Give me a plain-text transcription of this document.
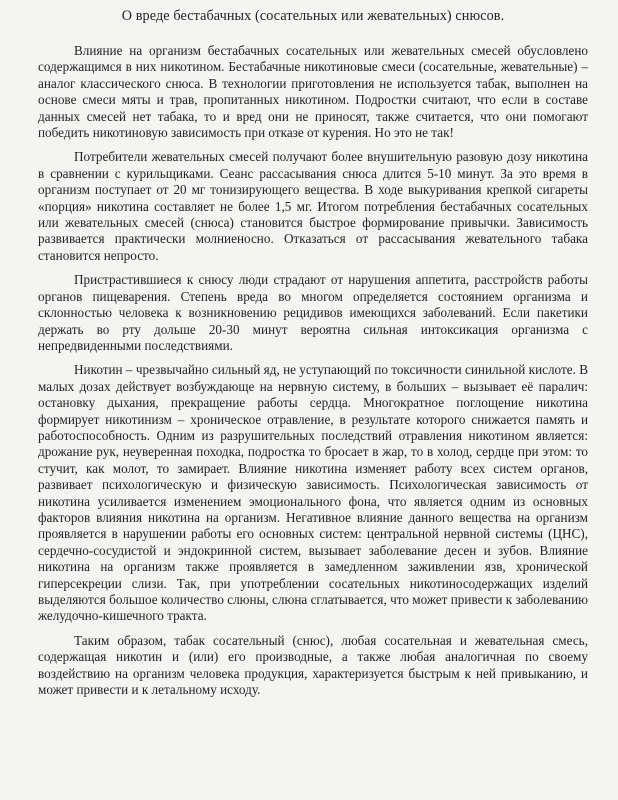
О вреде бестабачных (сосательных или жевательных) снюсов.

Влияние на организм бестабачных сосательных или жевательных смесей обусловлено содержащимся в них никотином. Бестабачные никотиновые смеси (сосательные, жевательные) – аналог классического снюса. В технологии приготовления не используется табак, выполнен на основе смеси мяты и трав, пропитанных никотином. Подростки считают, что если в составе данных смесей нет табака, то и вред они не приносят, также считается, что они помогают победить никотиновую зависимость при отказе от курения. Но это не так!

Потребители жевательных смесей получают более внушительную разовую дозу никотина в сравнении с курильщиками. Сеанс рассасывания снюса длится 5-10 минут. За это время в организм поступает от 20 мг тонизирующего вещества. В ходе выкуривания крепкой сигареты «порция» никотина составляет не более 1,5 мг. Итогом потребления бестабачных сосательных или жевательных смесей (снюса) становится быстрое формирование привычки. Зависимость развивается практически молниеносно. Отказаться от рассасывания жевательного табака становится непросто.

Пристрастившиеся к снюсу люди страдают от нарушения аппетита, расстройств работы органов пищеварения. Степень вреда во многом определяется состоянием организма и склонностью человека к возникновению рецидивов имеющихся заболеваний. Если пакетики держать во рту дольше 20-30 минут вероятна сильная интоксикация организма с непредвиденными последствиями.

Никотин – чрезвычайно сильный яд, не уступающий по токсичности синильной кислоте. В малых дозах действует возбуждающе на нервную систему, в больших – вызывает её паралич: остановку дыхания, прекращение работы сердца. Многократное поглощение никотина формирует никотинизм – хроническое отравление, в результате которого снижается память и работоспособность. Одним из разрушительных последствий отравления никотином является: дрожание рук, неуверенная походка, подростка то бросает в жар, то в холод, сердце при этом: то стучит, как молот, то замирает. Влияние никотина изменяет работу всех систем органов, развивает психологическую и физическую зависимость. Психологическая зависимость от никотина усиливается изменением эмоционального фона, что является одним из основных факторов влияния никотина на организм. Негативное влияние данного вещества на организм проявляется в нарушении работы его основных систем: центральной нервной системы (ЦНС), сердечно-сосудистой и эндокринной систем, вызывает заболевание десен и зубов. Влияние никотина на организм также проявляется в замедленном заживлении язв, хронической гиперсекреции слизи. Так, при употреблении сосательных никотиносодержащих изделий выделяются большое количество слюны, слюна сглатывается, что может привести к заболеванию желудочно-кишечного тракта.

Таким образом, табак сосательный (снюс), любая сосательная и жевательная смесь, содержащая никотин и (или) его производные, а также любая аналогичная по своему воздействию на организм человека продукция, характеризуется быстрым к ней привыканию, и может привести и к летальному исходу.
